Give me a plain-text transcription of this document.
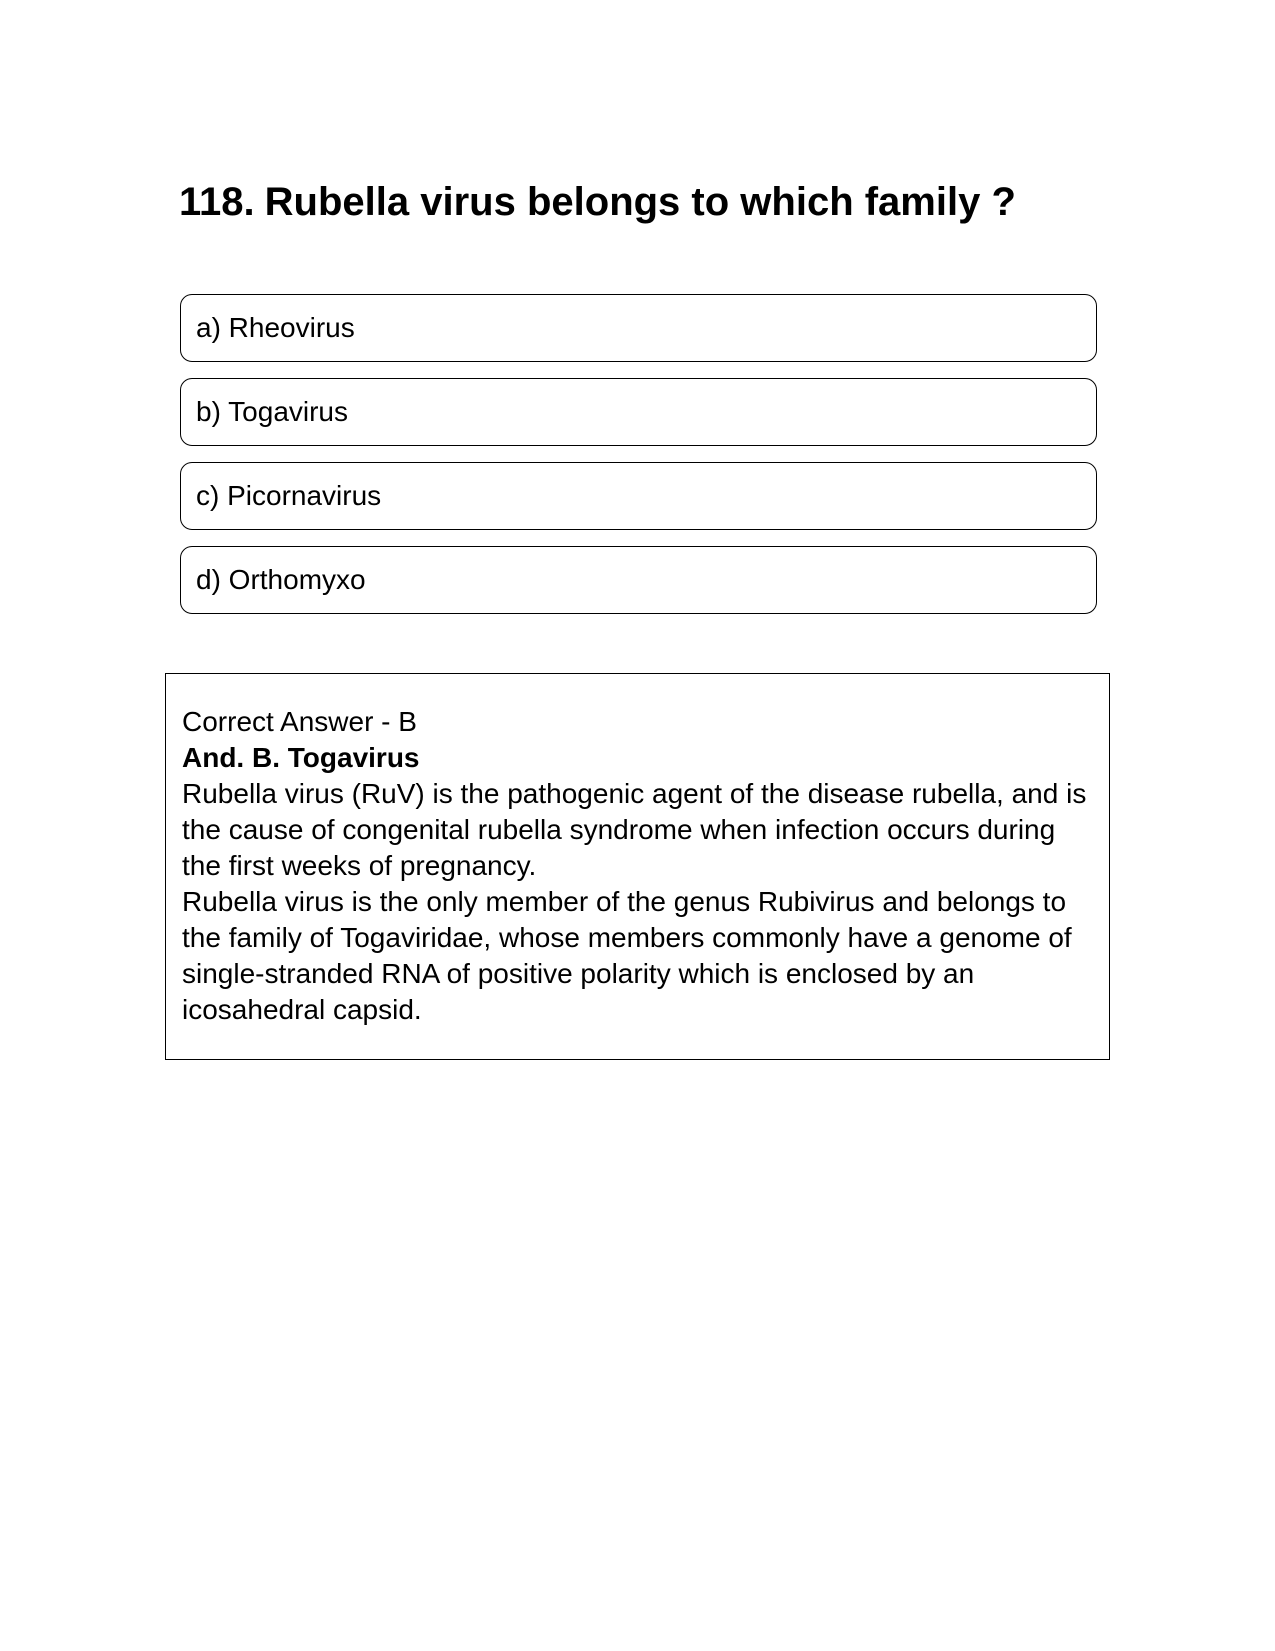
118. Rubella virus belongs to which family ?
a) Rheovirus
b) Togavirus
c) Picornavirus
d) Orthomyxo

Correct Answer - B

And. B. Togavirus

Rubella virus (RuV) is the pathogenic agent of the disease rubella, and is the cause of congenital rubella syndrome when infection occurs during the first weeks of pregnancy.

Rubella virus is the only member of the genus Rubivirus and belongs to the family of Togaviridae, whose members commonly have a genome of single-stranded RNA of positive polarity which is enclosed by an icosahedral capsid.
